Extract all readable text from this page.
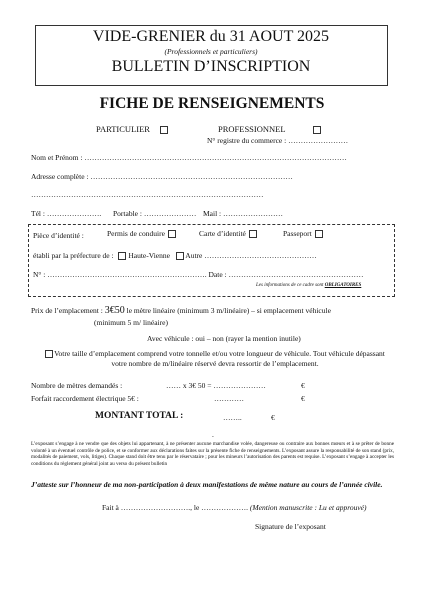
VIDE-GRENIER du 31 AOUT 2025
(Professionnels et particuliers)
BULLETIN D’INSCRIPTION
FICHE DE RENSEIGNEMENTS
PARTICULIER	PROFESSIONNEL
N° registre du commerce : ……………………
Nom et Prénom : ……………………………………………………………………………………………
Adresse complète : ………………………………………………………………………
…………………………………………………………………………………
Tél : …………………. Portable : ………………… Mail : ……………………
Pièce d’identité :	Permis de conduire	Carte d’identité	Passeport
établi par la préfecture de : Haute-Vienne Autre ………………………………………
N° : ………………………………………………………. Date : ………………………………………………
Les informations de ce cadre sont OBLIGATOIRES
Prix de l’emplacement : 3€50 le mètre linéaire (minimum 3 m/linéaire) – si emplacement véhicule
(minimum 5 m/ linéaire)
Avec véhicule : oui – non (rayer la mention inutile)
Votre taille d’emplacement comprend votre tonnelle et/ou votre longueur de véhicule. Tout véhicule dépassant votre nombre de m/linéaire réservé devra ressortir de l’emplacement.
Nombre de mètres demandés :	…… x 3€ 50 = …………………	€
Forfait raccordement électrique 5€ :	…………	€
MONTANT TOTAL :	……..	€
.
L’exposant s’engage à ne vendre que des objets lui appartenant, à ne présenter aucune marchandise volée, dangereuse ou contraire aux bonnes mœurs et à se prêter de bonne volonté à un éventuel contrôle de police, et se conformer aux déclarations faites sur la présente fiche de renseignements. L’exposant assure la responsabilité de son stand (prix, modalités de paiement, vols, litiges). Chaque stand doit être tenu par le réservataire ; pour les mineurs l’autorisation des parents est requise. L’exposant s’engage à accepter les conditions du règlement général joint au verso du présent bulletin
J’atteste sur l’honneur de ma non-participation à deux manifestations de même nature au cours de l’année civile.
Fait à ………………………., le ………………. (Mention manuscrite : Lu et approuvé)
Signature de l’exposant
